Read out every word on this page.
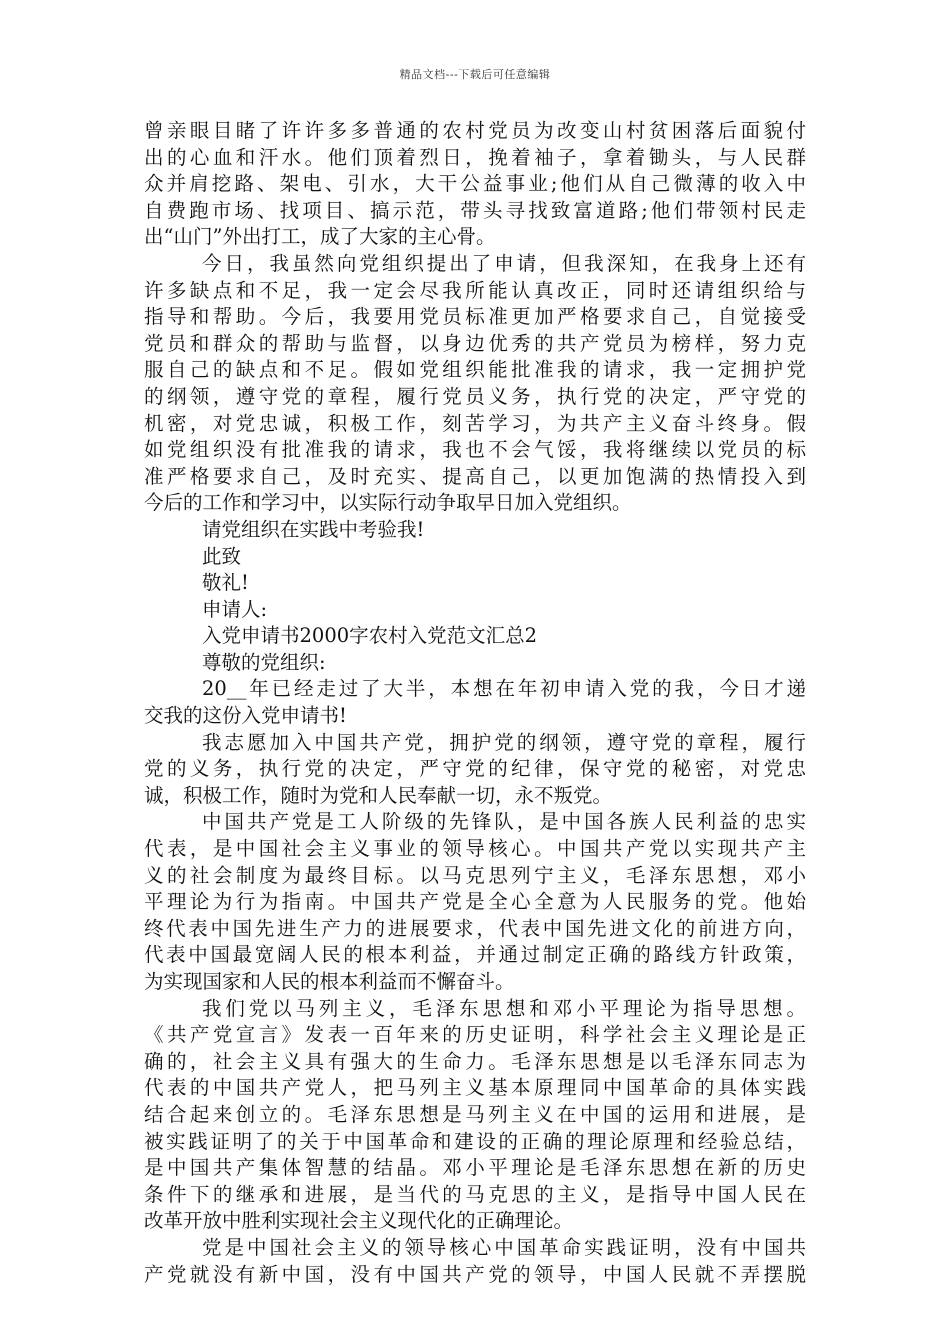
精品文档---下载后可任意编辑
曾亲眼目睹了许许多多普通的农村党员为改变山村贫困落后面貌付
出的心血和汗水。他们顶着烈日，挽着袖子，拿着锄头，与人民群
众并肩挖路、架电、引水，大干公益事业;他们从自己微薄的收入中
自费跑市场、找项目、搞示范，带头寻找致富道路;他们带领村民走
出“山门”外出打工，成了大家的主心骨。
今日，我虽然向党组织提出了申请，但我深知，在我身上还有
许多缺点和不足，我一定会尽我所能认真改正，同时还请组织给与
指导和帮助。今后，我要用党员标准更加严格要求自己，自觉接受
党员和群众的帮助与监督，以身边优秀的共产党员为榜样，努力克
服自己的缺点和不足。假如党组织能批准我的请求，我一定拥护党
的纲领，遵守党的章程，履行党员义务，执行党的决定，严守党的
机密，对党忠诚，积极工作，刻苦学习，为共产主义奋斗终身。假
如党组织没有批准我的请求，我也不会气馁，我将继续以党员的标
准严格要求自己，及时充实、提高自己，以更加饱满的热情投入到
今后的工作和学习中，以实际行动争取早日加入党组织。
请党组织在实践中考验我!
此致
敬礼!
申请人:
入党申请书2000字农村入党范文汇总2
尊敬的党组织:
20__年已经走过了大半，本想在年初申请入党的我，今日才递
交我的这份入党申请书!
我志愿加入中国共产党，拥护党的纲领，遵守党的章程，履行
党的义务，执行党的决定，严守党的纪律，保守党的秘密，对党忠
诚，积极工作，随时为党和人民奉献一切，永不叛党。
中国共产党是工人阶级的先锋队，是中国各族人民利益的忠实
代表，是中国社会主义事业的领导核心。中国共产党以实现共产主
义的社会制度为最终目标。以马克思列宁主义，毛泽东思想，邓小
平理论为行为指南。中国共产党是全心全意为人民服务的党。他始
终代表中国先进生产力的进展要求，代表中国先进文化的前进方向，
代表中国最宽阔人民的根本利益，并通过制定正确的路线方针政策，
为实现国家和人民的根本利益而不懈奋斗。
我们党以马列主义，毛泽东思想和邓小平理论为指导思想。
《共产党宣言》发表一百年来的历史证明，科学社会主义理论是正
确的，社会主义具有强大的生命力。毛泽东思想是以毛泽东同志为
代表的中国共产党人，把马列主义基本原理同中国革命的具体实践
结合起来创立的。毛泽东思想是马列主义在中国的运用和进展，是
被实践证明了的关于中国革命和建设的正确的理论原理和经验总结，
是中国共产集体智慧的结晶。邓小平理论是毛泽东思想在新的历史
条件下的继承和进展，是当代的马克思的主义，是指导中国人民在
改革开放中胜利实现社会主义现代化的正确理论。
党是中国社会主义的领导核心中国革命实践证明，没有中国共
产党就没有新中国，没有中国共产党的领导，中国人民就不弄摆脱
